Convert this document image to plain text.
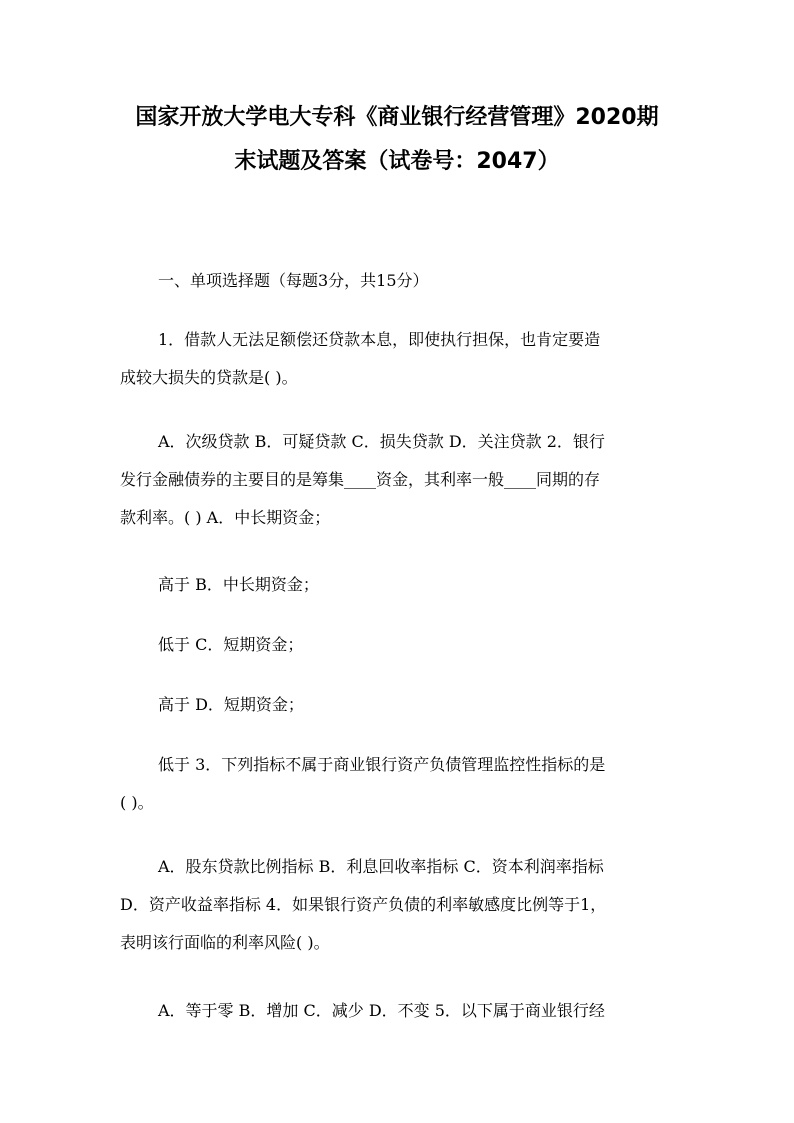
国家开放大学电大专科《商业银行经营管理》2020期
末试题及答案（试卷号：2047）
一、单项选择题（每题3分，共15分）
1．借款人无法足额偿还贷款本息，即使执行担保，也肯定要造
成较大损失的贷款是( )。
A．次级贷款 B．可疑贷款 C．损失贷款 D．关注贷款 2．银行
发行金融债券的主要目的是筹集____资金，其利率一般____同期的存
款利率。( ) A．中长期资金；
高于 B．中长期资金；
低于 C．短期资金；
高于 D．短期资金；
低于 3．下列指标不属于商业银行资产负债管理监控性指标的是
( )。
A．股东贷款比例指标 B．利息回收率指标 C．资本利润率指标
D．资产收益率指标 4．如果银行资产负债的利率敏感度比例等于1，
表明该行面临的利率风险( )。
A．等于零 B．增加 C．减少 D．不变 5．以下属于商业银行经
